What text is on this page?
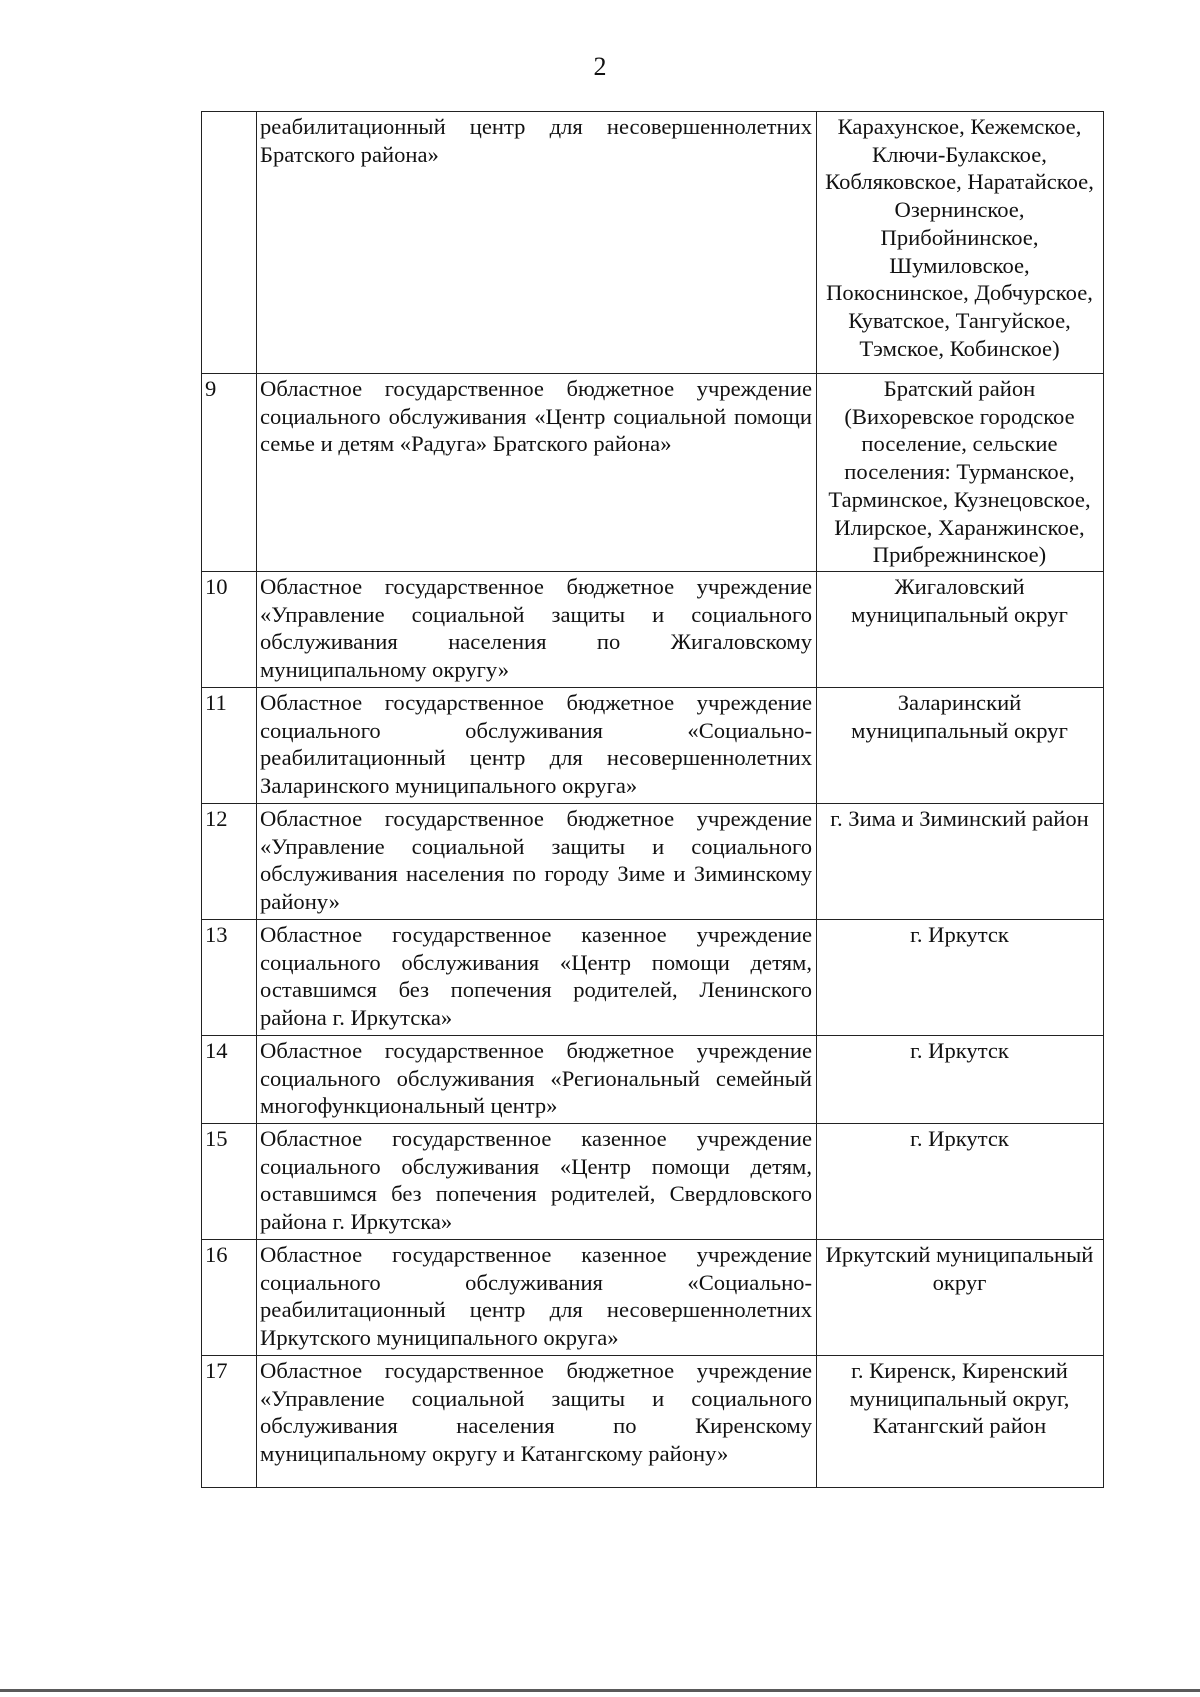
2
	реабилитационный центр для несовершеннолетних Братского района»	Карахунское, Кежемское, Ключи-Булакское, Кобляковское, Наратайское, Озернинское, Прибойнинское, Шумиловское, Покоснинское, Добчурское, Куватское, Тангуйское, Тэмское, Кобинское)
9	Областное государственное бюджетное учреждение социального обслуживания «Центр социальной помощи семье и детям «Радуга» Братского района»	Братский район (Вихоревское городское поселение, сельские поселения: Турманское, Тарминское, Кузнецовское, Илирское, Харанжинское, Прибрежнинское)
10	Областное государственное бюджетное учреждение «Управление социальной защиты и социального обслуживания населения по Жигаловскому муниципальному округу»	Жигаловский муниципальный округ
11	Областное государственное бюджетное учреждение социального обслуживания «Социально-реабилитационный центр для несовершеннолетних Заларинского муниципального округа»	Заларинский муниципальный округ
12	Областное государственное бюджетное учреждение «Управление социальной защиты и социального обслуживания населения по городу Зиме и Зиминскому району»	г. Зима и Зиминский район
13	Областное государственное казенное учреждение социального обслуживания «Центр помощи детям, оставшимся без попечения родителей, Ленинского района г. Иркутска»	г. Иркутск
14	Областное государственное бюджетное учреждение социального обслуживания «Региональный семейный многофункциональный центр»	г. Иркутск
15	Областное государственное казенное учреждение социального обслуживания «Центр помощи детям, оставшимся без попечения родителей, Свердловского района г. Иркутска»	г. Иркутск
16	Областное государственное казенное учреждение социального обслуживания «Социально-реабилитационный центр для несовершеннолетних Иркутского муниципального округа»	Иркутский муниципальный округ
17	Областное государственное бюджетное учреждение «Управление социальной защиты и социального обслуживания населения по Киренскому муниципальному округу и Катангскому району»	г. Киренск, Киренский муниципальный округ, Катангский район
